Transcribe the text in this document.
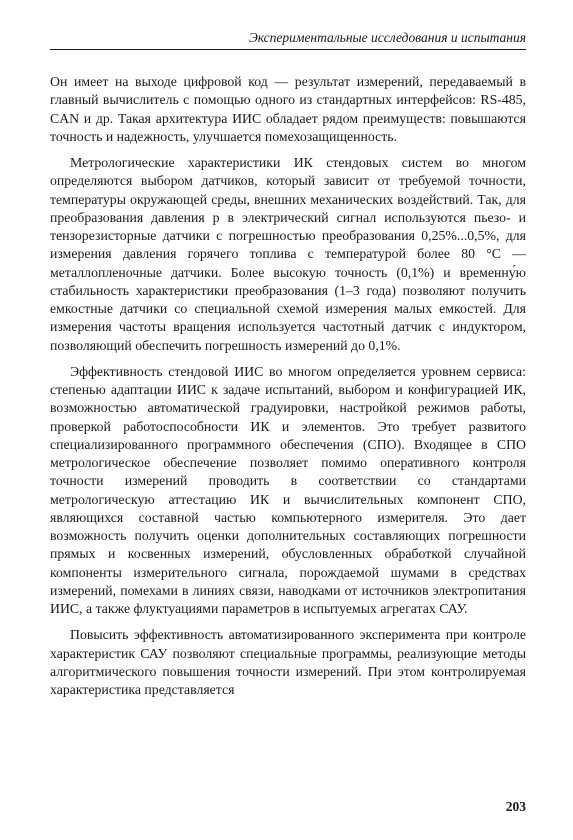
Экспериментальные исследования и испытания

Он имеет на выходе цифровой код — результат измерений, передаваемый в главный вычислитель с помощью одного из стандартных интерфейсов: RS-485, CAN и др. Такая архитектура ИИС обладает рядом преимуществ: повышаются точность и надежность, улучшается помехозащищенность.

Метрологические характеристики ИК стендовых систем во многом определяются выбором датчиков, который зависит от требуемой точности, температуры окружающей среды, внешних механических воздействий. Так, для преобразования давления p в электрический сигнал используются пьезо- и тензорезисторные датчики с погрешностью преобразования 0,25%...0,5%, для измерения давления горячего топлива с температурой более 80 °C — металлопленочные датчики. Более высокую точность (0,1%) и временну́ю стабильность характеристики преобразования (1–3 года) позволяют получить емкостные датчики со специальной схемой измерения малых емкостей. Для измерения частоты вращения используется частотный датчик с индуктором, позволяющий обеспечить погрешность измерений до 0,1%.

Эффективность стендовой ИИС во многом определяется уровнем сервиса: степенью адаптации ИИС к задаче испытаний, выбором и конфигурацией ИК, возможностью автоматической градуировки, настройкой режимов работы, проверкой работоспособности ИК и элементов. Это требует развитого специализированного программного обеспечения (СПО). Входящее в СПО метрологическое обеспечение позволяет помимо оперативного контроля точности измерений проводить в соответствии со стандартами метрологическую аттестацию ИК и вычислительных компонент СПО, являющихся составной частью компьютерного измерителя. Это дает возможность получить оценки дополнительных составляющих погрешности прямых и косвенных измерений, обусловленных обработкой случайной компоненты измерительного сигнала, порождаемой шумами в средствах измерений, помехами в линиях связи, наводками от источников электропитания ИИС, а также флуктуациями параметров в испытуемых агрегатах САУ.

Повысить эффективность автоматизированного эксперимента при контроле характеристик САУ позволяют специальные программы, реализующие методы алгоритмического повышения точности измерений. При этом контролируемая характеристика представляется

203
